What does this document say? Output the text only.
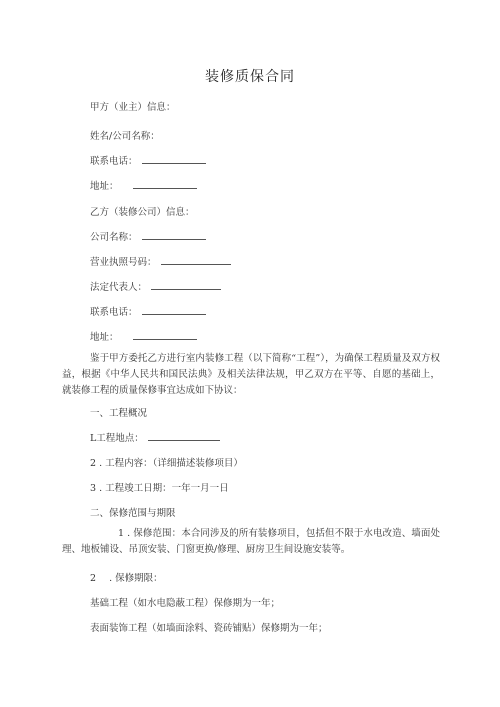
装修质保合同
甲方（业主）信息：
姓名/公司名称：
联系电话：
地址：
乙方（装修公司）信息：
公司名称：
营业执照号码：
法定代表人：
联系电话：
地址：
鉴于甲方委托乙方进行室内装修工程（以下简称“工程”），为确保工程质量及双方权益，根据《中华人民共和国民法典》及相关法律法规，甲乙双方在平等、自愿的基础上，就装修工程的质量保修事宜达成如下协议：
一、工程概况
L工程地点：
2 . 工程内容：（详细描述装修项目）
3 . 工程竣工日期：一年一月一日
二、保修范围与期限
1 . 保修范围：本合同涉及的所有装修项目，包括但不限于水电改造、墙面处理、地板铺设、吊顶安装、门窗更换/修理、厨房卫生间设施安装等。
2 . 保修期限：
基础工程（如水电隐蔽工程）保修期为一年；
表面装饰工程（如墙面涂料、瓷砖铺贴）保修期为一年；
